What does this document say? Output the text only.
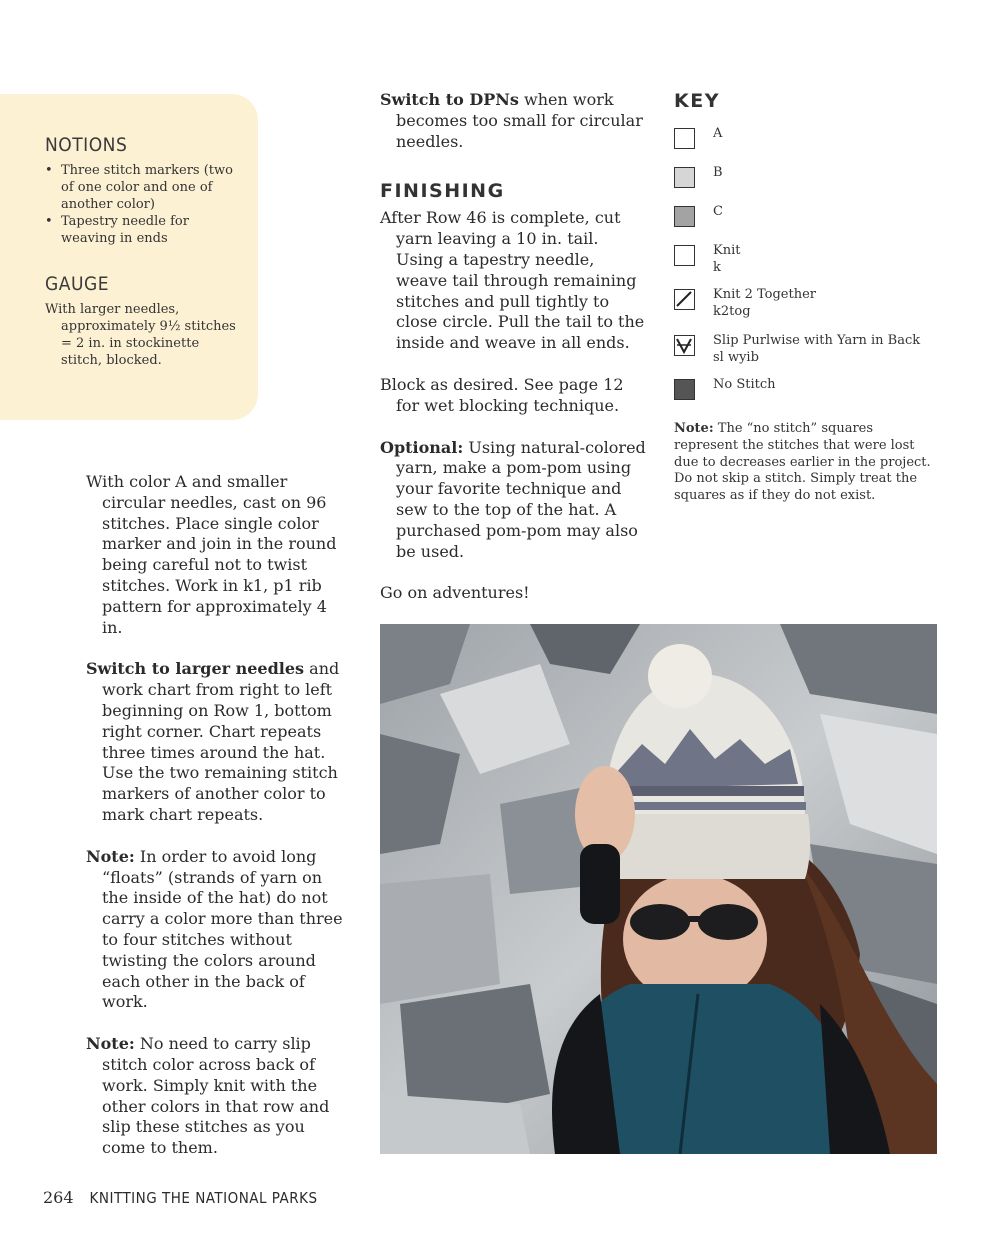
NOTIONS
• Three stitch markers (two of one color and one of another color)
• Tapestry needle for weaving in ends
GAUGE

With larger needles, approximately 9½ stitches = 2 in. in stockinette stitch, blocked.

With color A and smaller circular needles, cast on 96 stitches. Place single color marker and join in the round being careful not to twist stitches. Work in k1, p1 rib pattern for approximately 4 in.

Switch to larger needles and work chart from right to left beginning on Row 1, bottom right corner. Chart repeats three times around the hat. Use the two remaining stitch markers of another color to mark chart repeats.

Note: In order to avoid long “floats” (strands of yarn on the inside of the hat) do not carry a color more than three to four stitches without twisting the colors around each other in the back of work.

Note: No need to carry slip stitch color across back of work. Simply knit with the other colors in that row and slip these stitches as you come to them.

Switch to DPNs when work becomes too small for circular needles.

FINISHING

After Row 46 is complete, cut yarn leaving a 10 in. tail. Using a tapestry needle, weave tail through remaining stitches and pull tightly to close circle. Pull the tail to the inside and weave in all ends.

Block as desired. See page 12 for wet blocking technique.

Optional: Using natural-colored yarn, make a pom-pom using your favorite technique and sew to the top of the hat. A purchased pom-pom may also be used.

Go on adventures!

KEY
A
B
C
Knit
k
Knit 2 Together
k2tog
Slip Purlwise with Yarn in Back
sl wyib
No Stitch

Note: The “no stitch” squares represent the stitches that were lost due to decreases earlier in the project. Do not skip a stitch. Simply treat the squares as if they do not exist.

264 KNITTING THE NATIONAL PARKS
